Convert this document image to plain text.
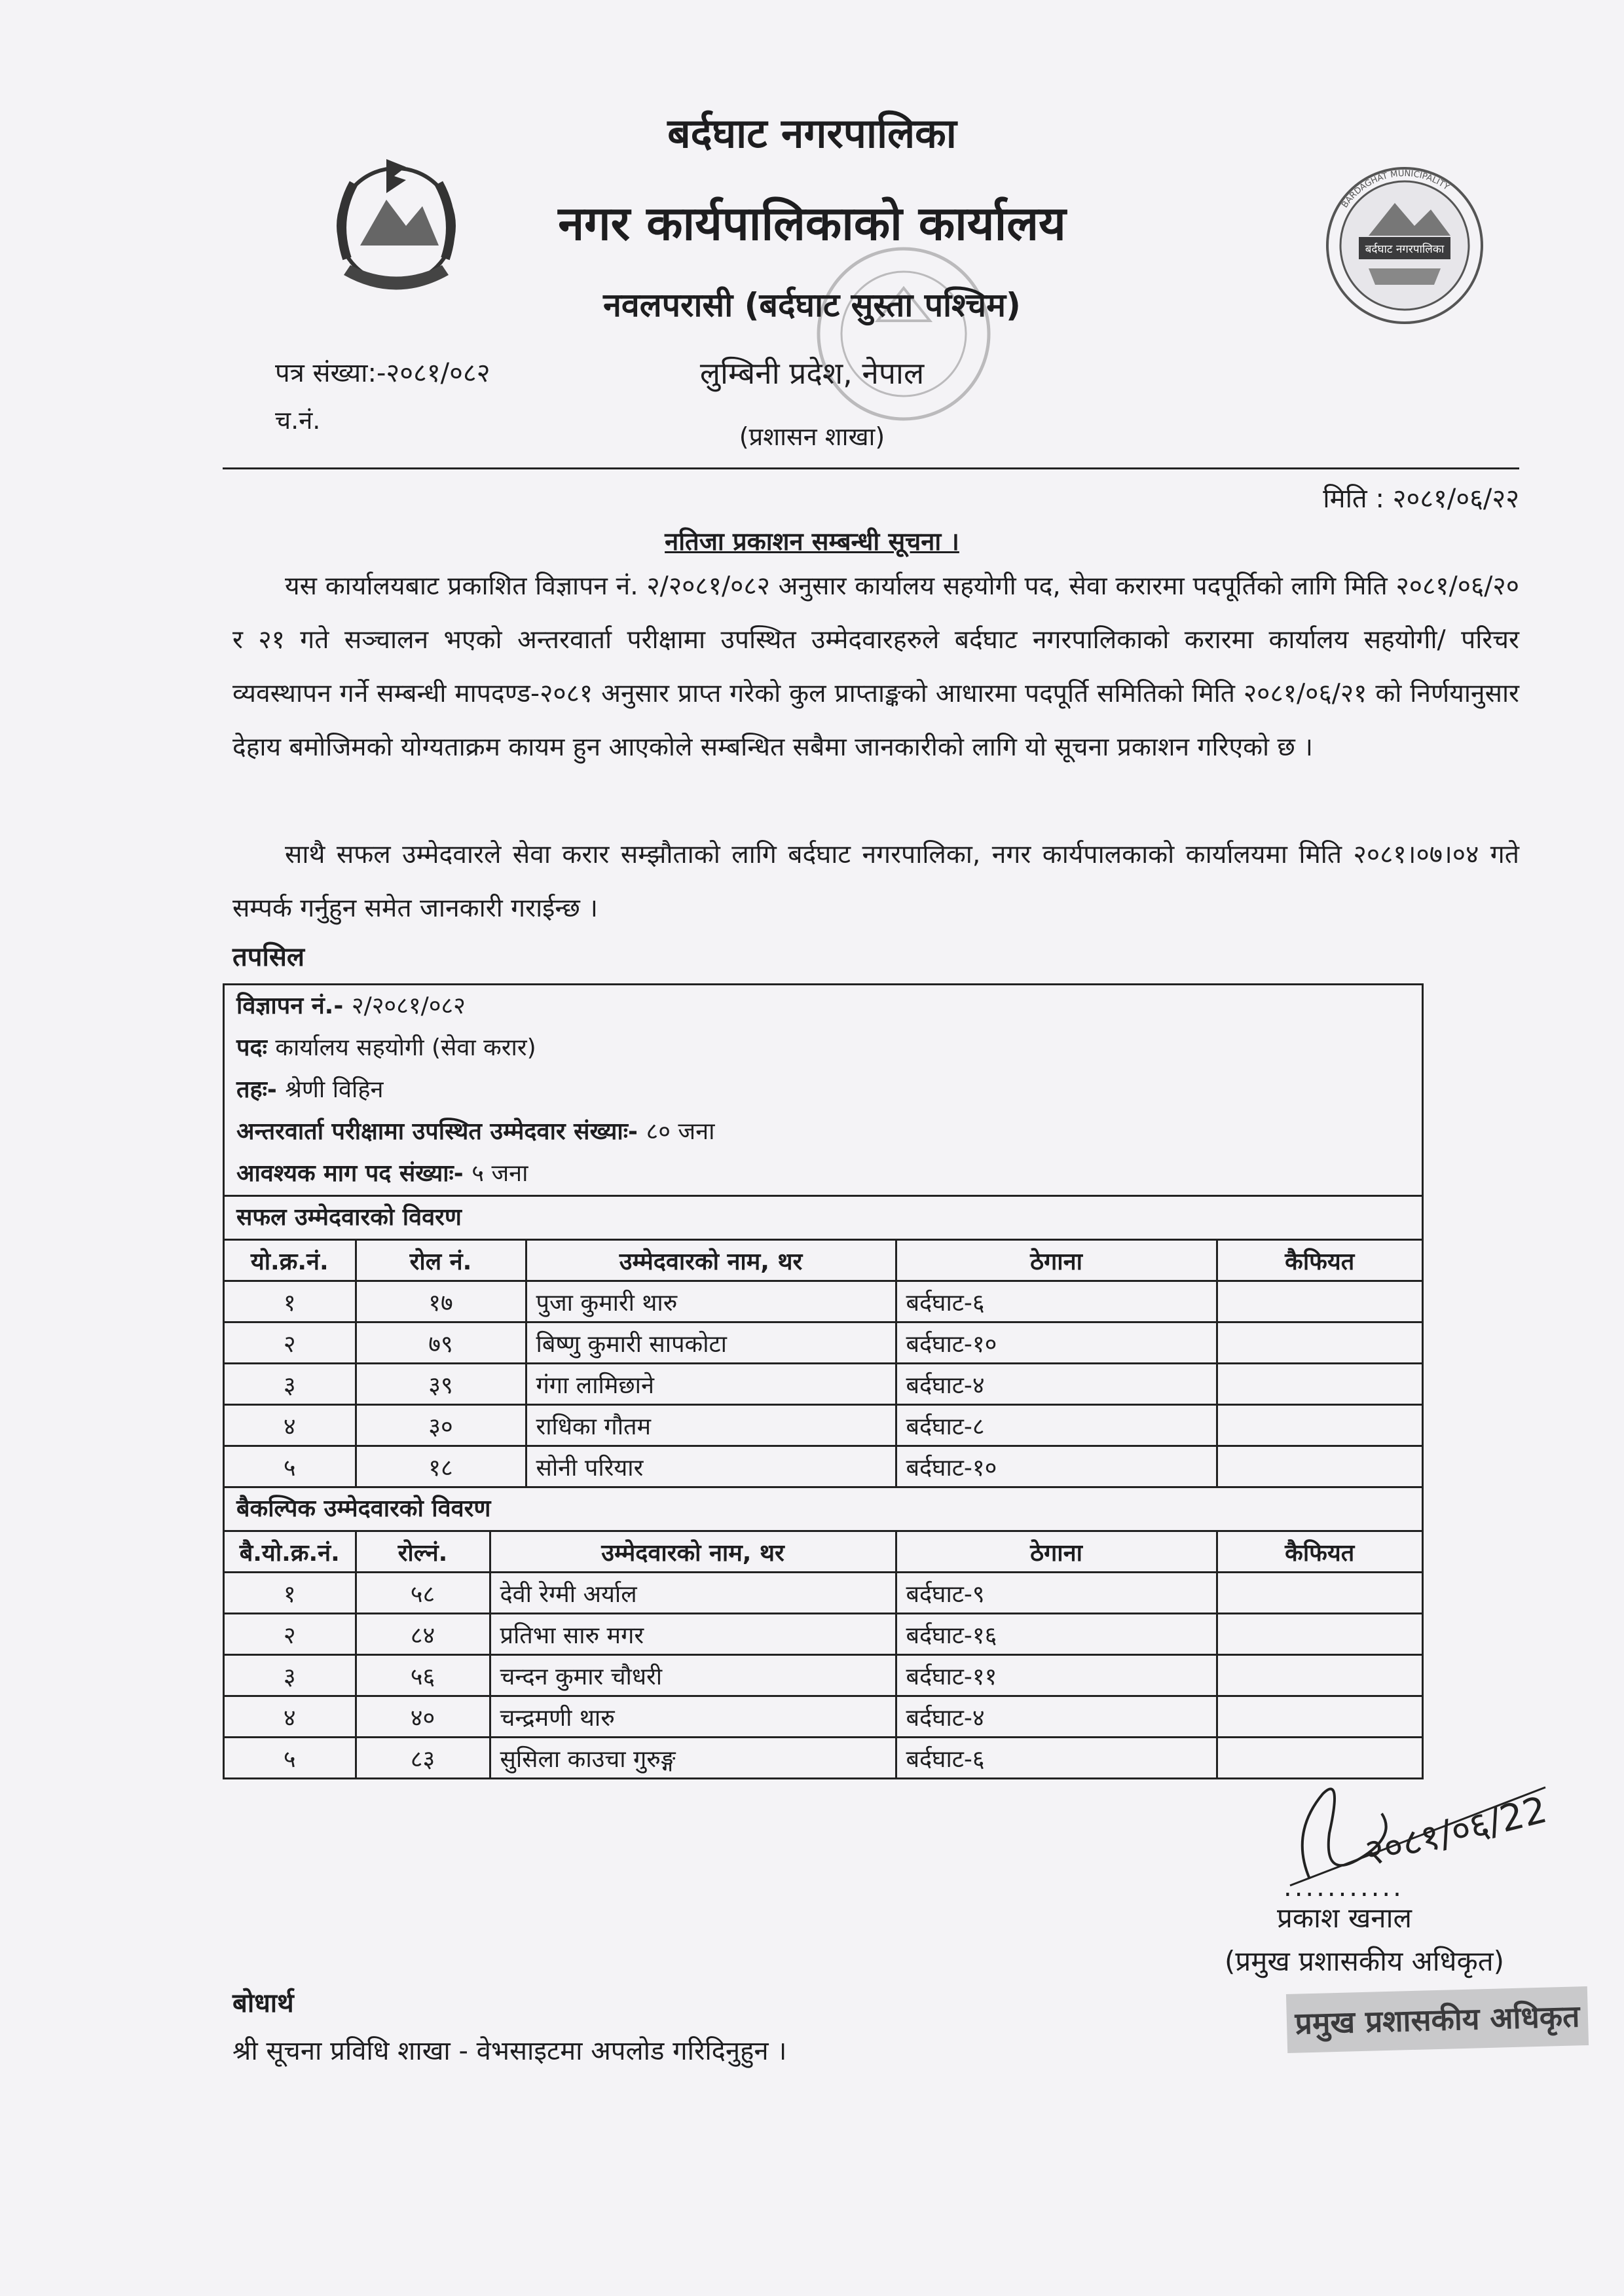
बर्दघाट नगरपालिका
BARDAGHAT MUNICIPALITY
बर्दघाट नगरपालिका
नगर कार्यपालिकाको कार्यालय
नवलपरासी (बर्दघाट सुस्ता पश्चिम)
लुम्बिनी प्रदेश, नेपाल
(प्रशासन शाखा)
पत्र संख्या:-२०८१/०८२
च.नं.
मिति : २०८१/०६/२२
नतिजा प्रकाशन सम्बन्धी सूचना ।

यस कार्यालयबाट प्रकाशित विज्ञापन नं. २/२०८१/०८२ अनुसार कार्यालय सहयोगी पद, सेवा करारमा पदपूर्तिको लागि मिति २०८१/०६/२० र २१ गते सञ्चालन भएको अन्तरवार्ता परीक्षामा उपस्थित उम्मेदवारहरुले बर्दघाट नगरपालिकाको करारमा कार्यालय सहयोगी/ परिचर व्यवस्थापन गर्ने सम्बन्धी मापदण्ड-२०८१ अनुसार प्राप्त गरेको कुल प्राप्ताङ्कको आधारमा पदपूर्ति समितिको मिति २०८१/०६/२१ को निर्णयानुसार देहाय बमोजिमको योग्यताक्रम कायम हुन आएकोले सम्बन्धित सबैमा जानकारीको लागि यो सूचना प्रकाशन गरिएको छ ।

साथै सफल उम्मेदवारले सेवा करार सम्झौताको लागि बर्दघाट नगरपालिका, नगर कार्यपालकाको कार्यालयमा मिति २०८१।०७।०४ गते सम्पर्क गर्नुहुन समेत जानकारी गराईन्छ ।

तपसिल
विज्ञापन नं.- २/२०८१/०८२
पदः कार्यालय सहयोगी (सेवा करार)
तहः- श्रेणी विहिन
अन्तरवार्ता परीक्षामा उपस्थित उम्मेदवार संख्याः- ८० जना
आवश्यक माग पद संख्याः- ५ जना
सफल उम्मेदवारको विवरण
यो.क्र.नं.	रोल नं.	उम्मेदवारको नाम, थर	ठेगाना	कैफियत
१	१७	पुजा कुमारी थारु	बर्दघाट-६	
२	७९	बिष्णु कुमारी सापकोटा	बर्दघाट-१०	
३	३९	गंगा लामिछाने	बर्दघाट-४	
४	३०	राधिका गौतम	बर्दघाट-८	
५	१८	सोनी परियार	बर्दघाट-१०	
बैकल्पिक उम्मेदवारको विवरण
बै.यो.क्र.नं.	रोल्नं.	उम्मेदवारको नाम, थर	ठेगाना	कैफियत
१	५८	देवी रेग्मी अर्याल	बर्दघाट-९	
२	८४	प्रतिभा सारु मगर	बर्दघाट-१६	
३	५६	चन्दन कुमार चौधरी	बर्दघाट-११	
४	४०	चन्द्रमणी थारु	बर्दघाट-४	
५	८३	सुसिला काउचा गुरुङ्ग	बर्दघाट-६	
२०८१/०६/22
...........
प्रकाश खनाल
(प्रमुख प्रशासकीय अधिकृत)
प्रमुख प्रशासकीय अधिकृत
बोधार्थ
श्री सूचना प्रविधि शाखा - वेभसाइटमा अपलोड गरिदिनुहुन ।
